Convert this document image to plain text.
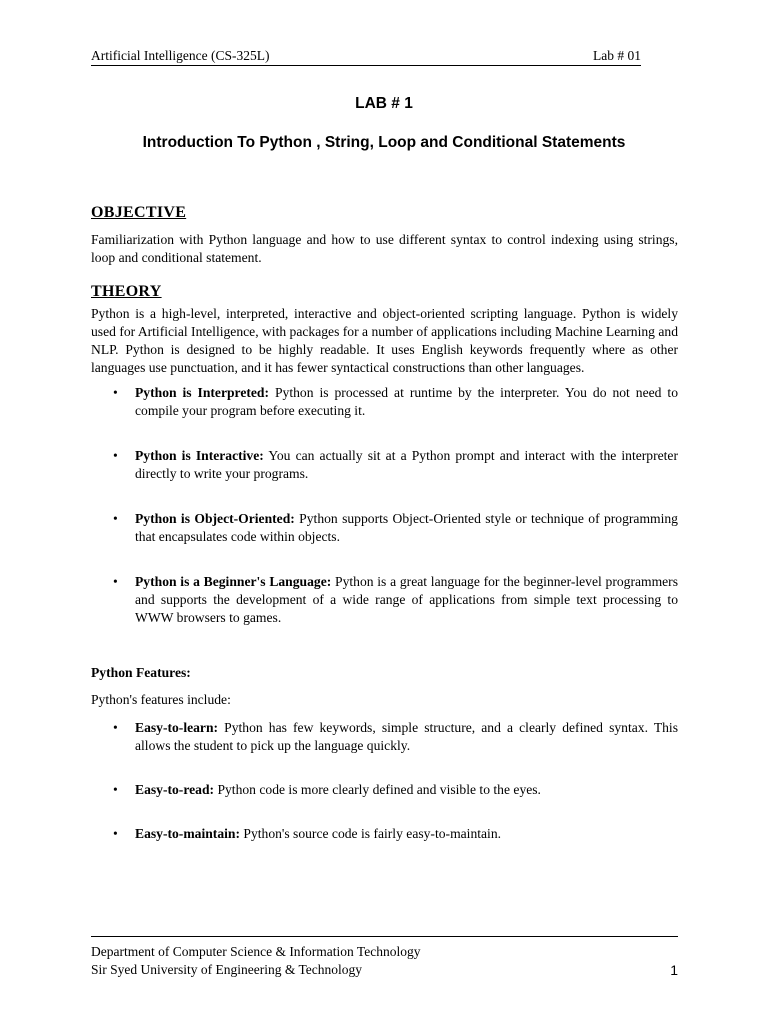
Artificial Intelligence (CS-325L)	Lab # 01
LAB # 1
Introduction To Python , String, Loop and Conditional Statements

OBJECTIVE

Familiarization with Python language and how to use different syntax to control indexing using strings, loop and conditional statement.

THEORY

Python is a high-level, interpreted, interactive and object-oriented scripting language. Python is widely used for Artificial Intelligence, with packages for a number of applications including Machine Learning and NLP. Python is designed to be highly readable. It uses English keywords frequently where as other languages use punctuation, and it has fewer syntactical constructions than other languages.

• Python is Interpreted: Python is processed at runtime by the interpreter. You do not need to compile your program before executing it.
• Python is Interactive: You can actually sit at a Python prompt and interact with the interpreter directly to write your programs.
• Python is Object-Oriented: Python supports Object-Oriented style or technique of programming that encapsulates code within objects.
• Python is a Beginner's Language: Python is a great language for the beginner-level programmers and supports the development of a wide range of applications from simple text processing to WWW browsers to games.

Python Features:

Python's features include:

• Easy-to-learn: Python has few keywords, simple structure, and a clearly defined syntax. This allows the student to pick up the language quickly.
• Easy-to-read: Python code is more clearly defined and visible to the eyes.
• Easy-to-maintain: Python's source code is fairly easy-to-maintain.
Department of Computer Science & Information Technology
Sir Syed University of Engineering & Technology	1
